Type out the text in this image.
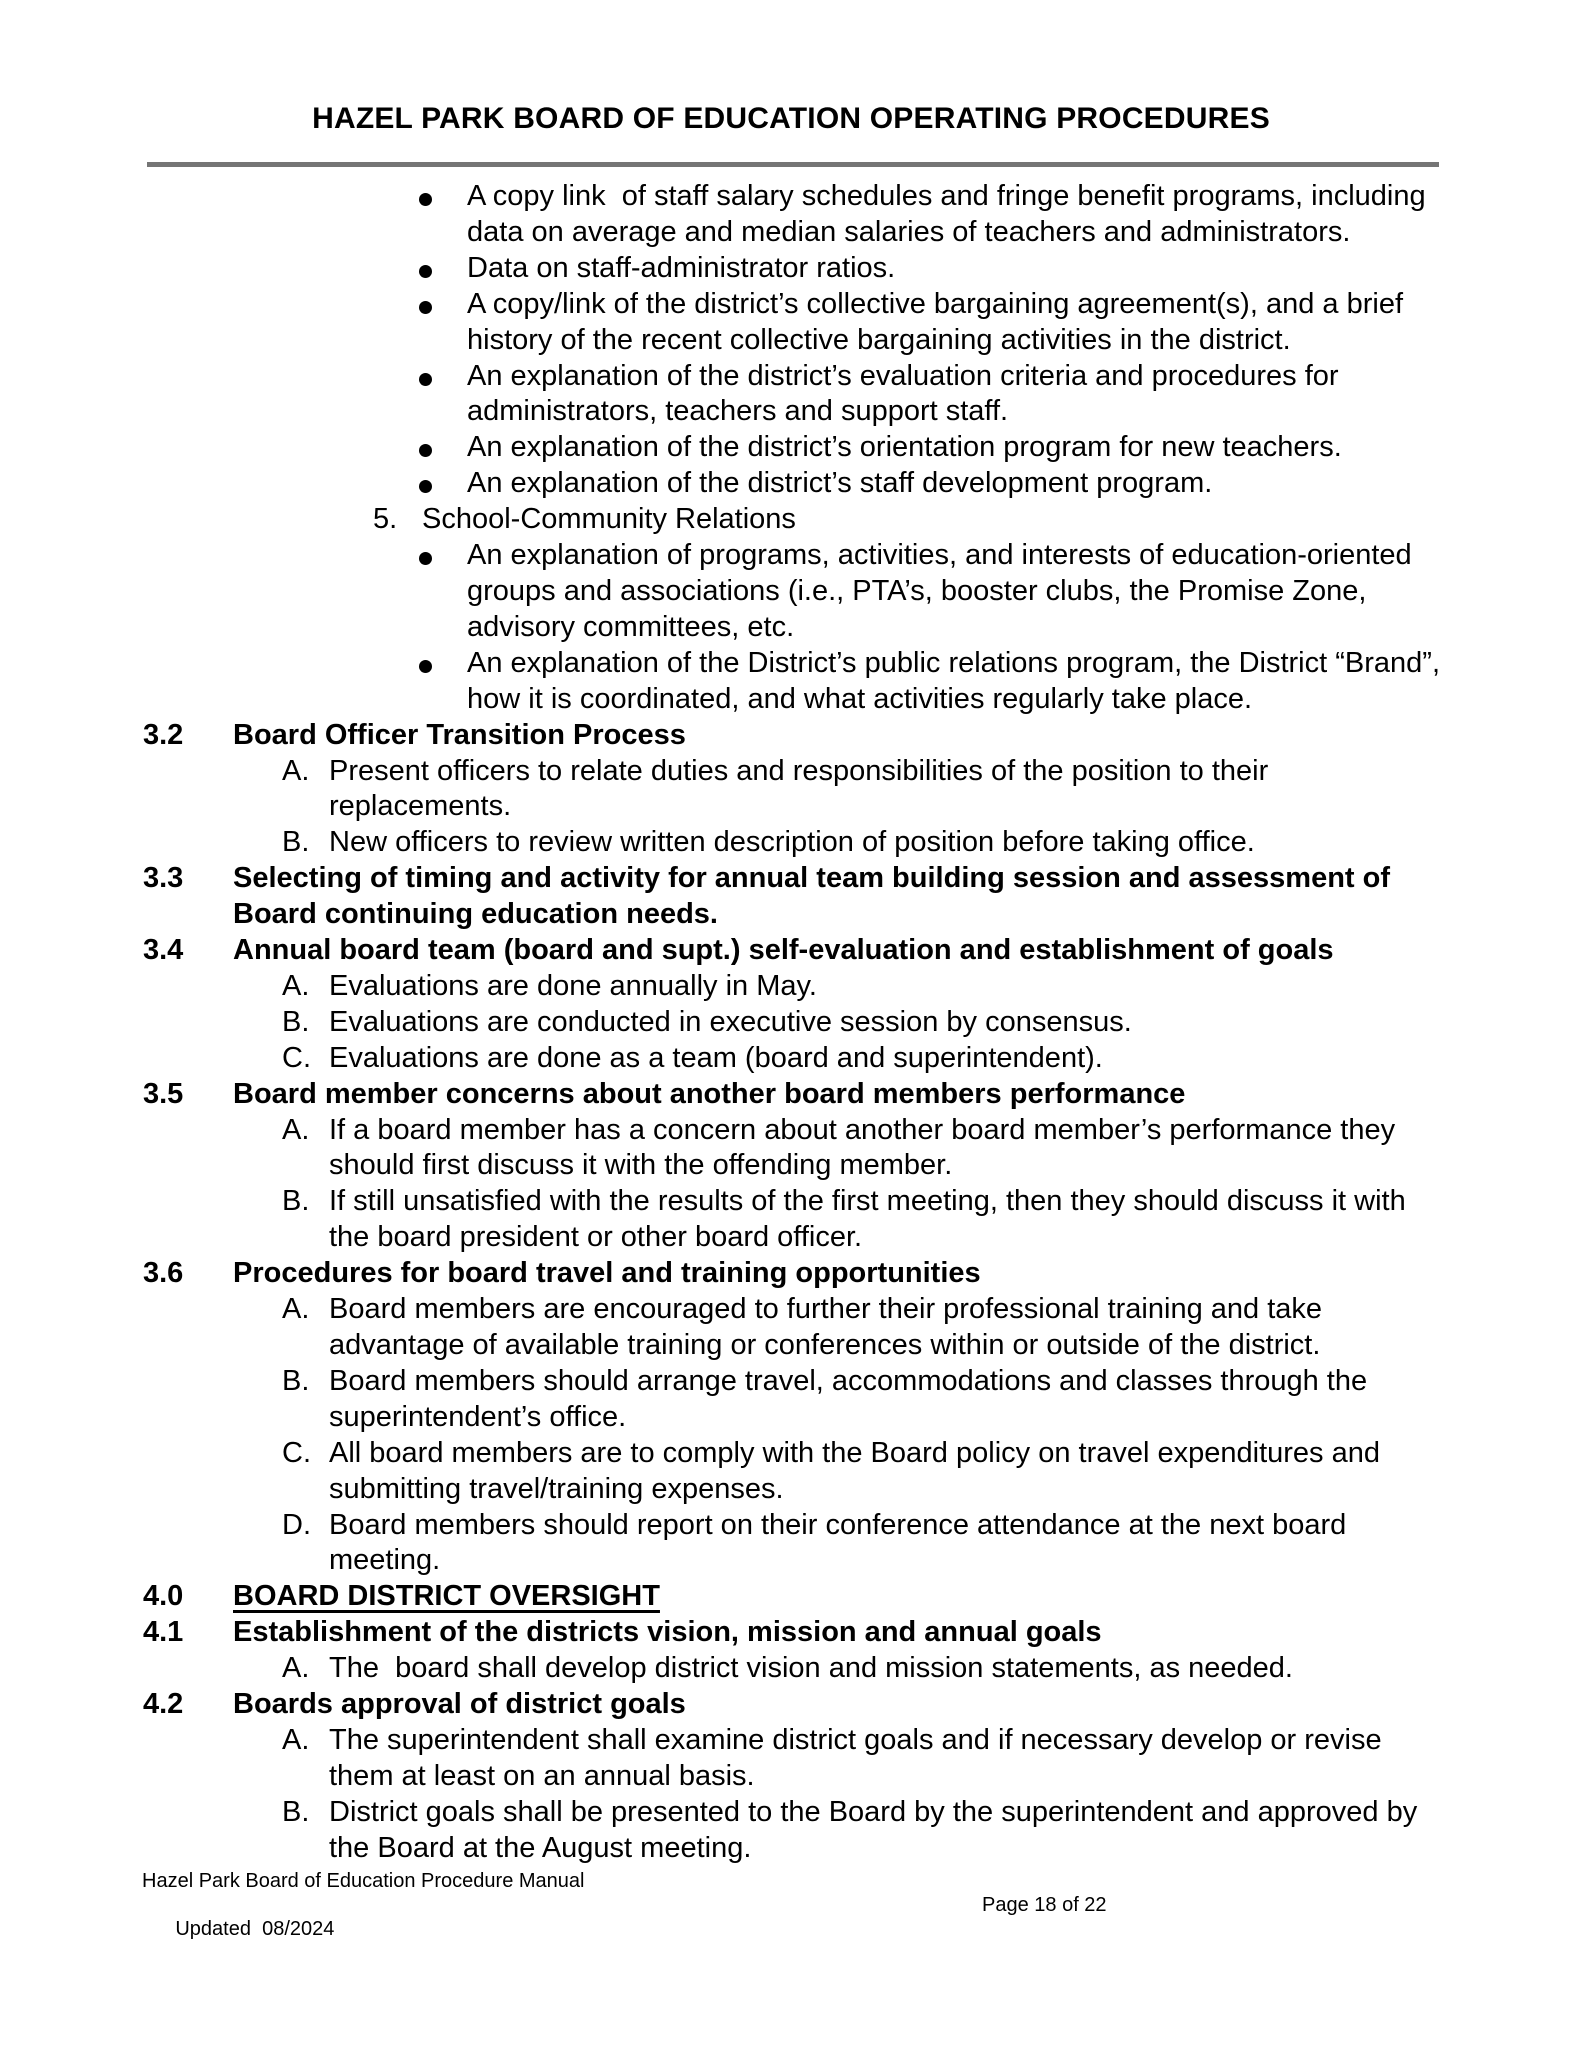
HAZEL PARK BOARD OF EDUCATION OPERATING PROCEDURES
A copy link  of staff salary schedules and fringe benefit programs, including data on average and median salaries of teachers and administrators.
Data on staff-administrator ratios.
A copy/link of the district’s collective bargaining agreement(s), and a brief history of the recent collective bargaining activities in the district.
An explanation of the district’s evaluation criteria and procedures for administrators, teachers and support staff.
An explanation of the district’s orientation program for new teachers.
An explanation of the district’s staff development program.
5. School-Community Relations
An explanation of programs, activities, and interests of education-oriented groups and associations (i.e., PTA’s, booster clubs, the Promise Zone, advisory committees, etc.
An explanation of the District’s public relations program, the District “Brand”, how it is coordinated, and what activities regularly take place.
3.2	Board Officer Transition Process
A. Present officers to relate duties and responsibilities of the position to their replacements.
B. New officers to review written description of position before taking office.
3.3	Selecting of timing and activity for annual team building session and assessment of Board continuing education needs.
3.4	Annual board team (board and supt.) self-evaluation and establishment of goals
A. Evaluations are done annually in May.
B. Evaluations are conducted in executive session by consensus.
C. Evaluations are done as a team (board and superintendent).
3.5	Board member concerns about another board members performance
A. If a board member has a concern about another board member’s performance they should first discuss it with the offending member.
B. If still unsatisfied with the results of the first meeting, then they should discuss it with the board president or other board officer.
3.6	Procedures for board travel and training opportunities
A. Board members are encouraged to further their professional training and take advantage of available training or conferences within or outside of the district.
B. Board members should arrange travel, accommodations and classes through the superintendent’s office.
C. All board members are to comply with the Board policy on travel expenditures and submitting travel/training expenses.
D. Board members should report on their conference attendance at the next board meeting.
4.0	BOARD DISTRICT OVERSIGHT
4.1	Establishment of the districts vision, mission and annual goals
A. The  board shall develop district vision and mission statements, as needed.
4.2	Boards approval of district goals
A. The superintendent shall examine district goals and if necessary develop or revise them at least on an annual basis.
B. District goals shall be presented to the Board by the superintendent and approved by the Board at the August meeting.
Hazel Park Board of Education Procedure Manual

Updated  08/2024

Page 18 of 22
